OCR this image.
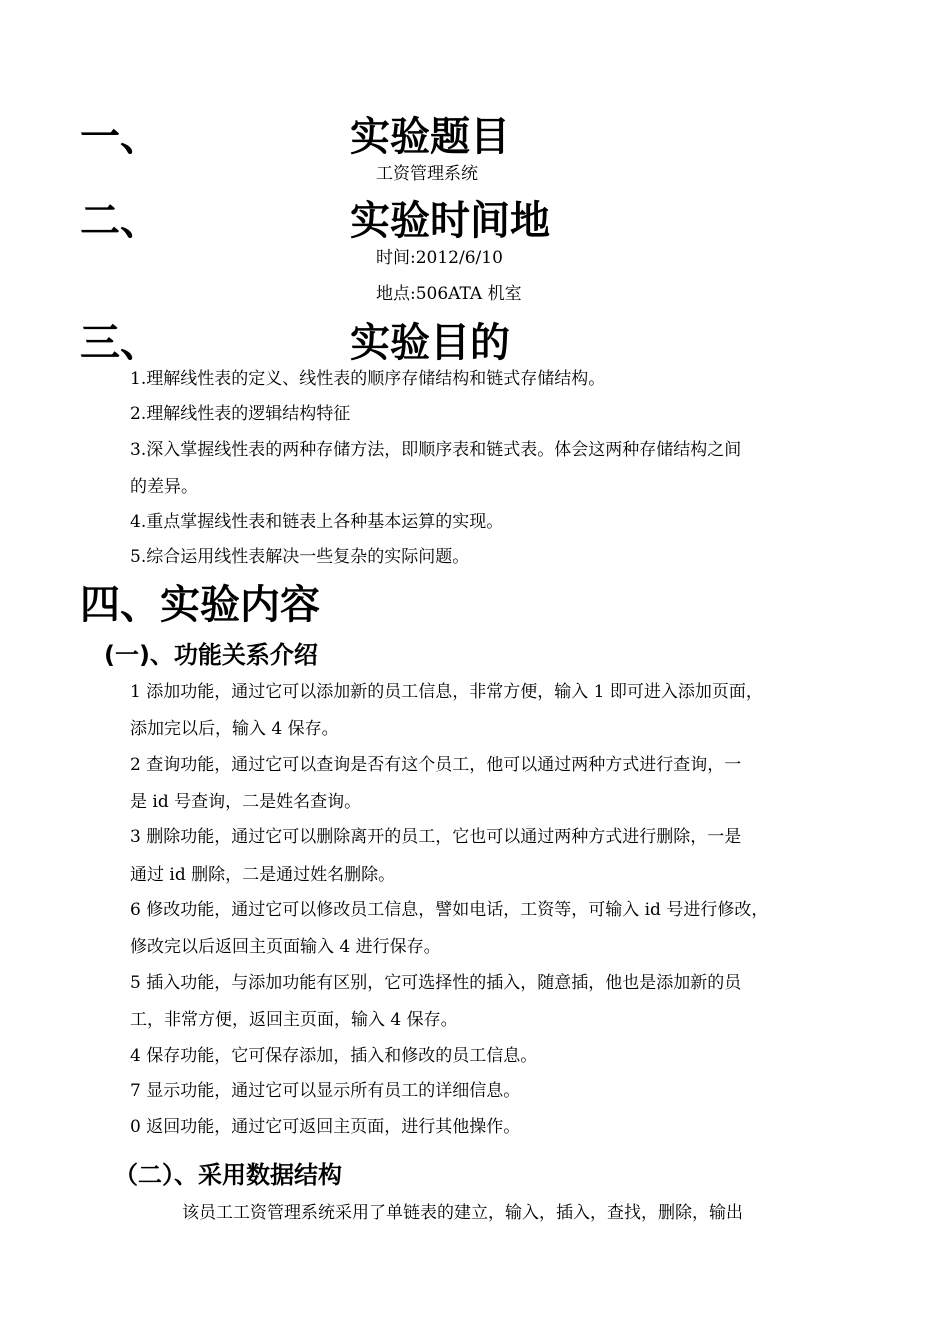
一、	实验题目
工资管理系统
二、	实验时间地
时间:2012/6/10
地点:506ATA 机室
三、	实验目的
1.理解线性表的定义、线性表的顺序存储结构和链式存储结构。
2.理解线性表的逻辑结构特征
3.深入掌握线性表的两种存储方法，即顺序表和链式表。体会这两种存储结构之间
的差异。
4.重点掌握线性表和链表上各种基本运算的实现。
5.综合运用线性表解决一些复杂的实际问题。
四、实验内容
(一)、功能关系介绍
1 添加功能，通过它可以添加新的员工信息，非常方便，输入 1 即可进入添加页面，
添加完以后，输入 4 保存。
2 查询功能，通过它可以查询是否有这个员工，他可以通过两种方式进行查询，一
是 id 号查询，二是姓名查询。
3 删除功能，通过它可以删除离开的员工，它也可以通过两种方式进行删除，一是
通过 id 删除，二是通过姓名删除。
6 修改功能，通过它可以修改员工信息，譬如电话，工资等，可输入 id 号进行修改，
修改完以后返回主页面输入 4 进行保存。
5 插入功能，与添加功能有区别，它可选择性的插入，随意插，他也是添加新的员
工，非常方便，返回主页面，输入 4 保存。
4 保存功能，它可保存添加，插入和修改的员工信息。
7 显示功能，通过它可以显示所有员工的详细信息。
0 返回功能，通过它可返回主页面，进行其他操作。
（二）、采用数据结构
该员工工资管理系统采用了单链表的建立，输入，插入，查找，删除，输出
